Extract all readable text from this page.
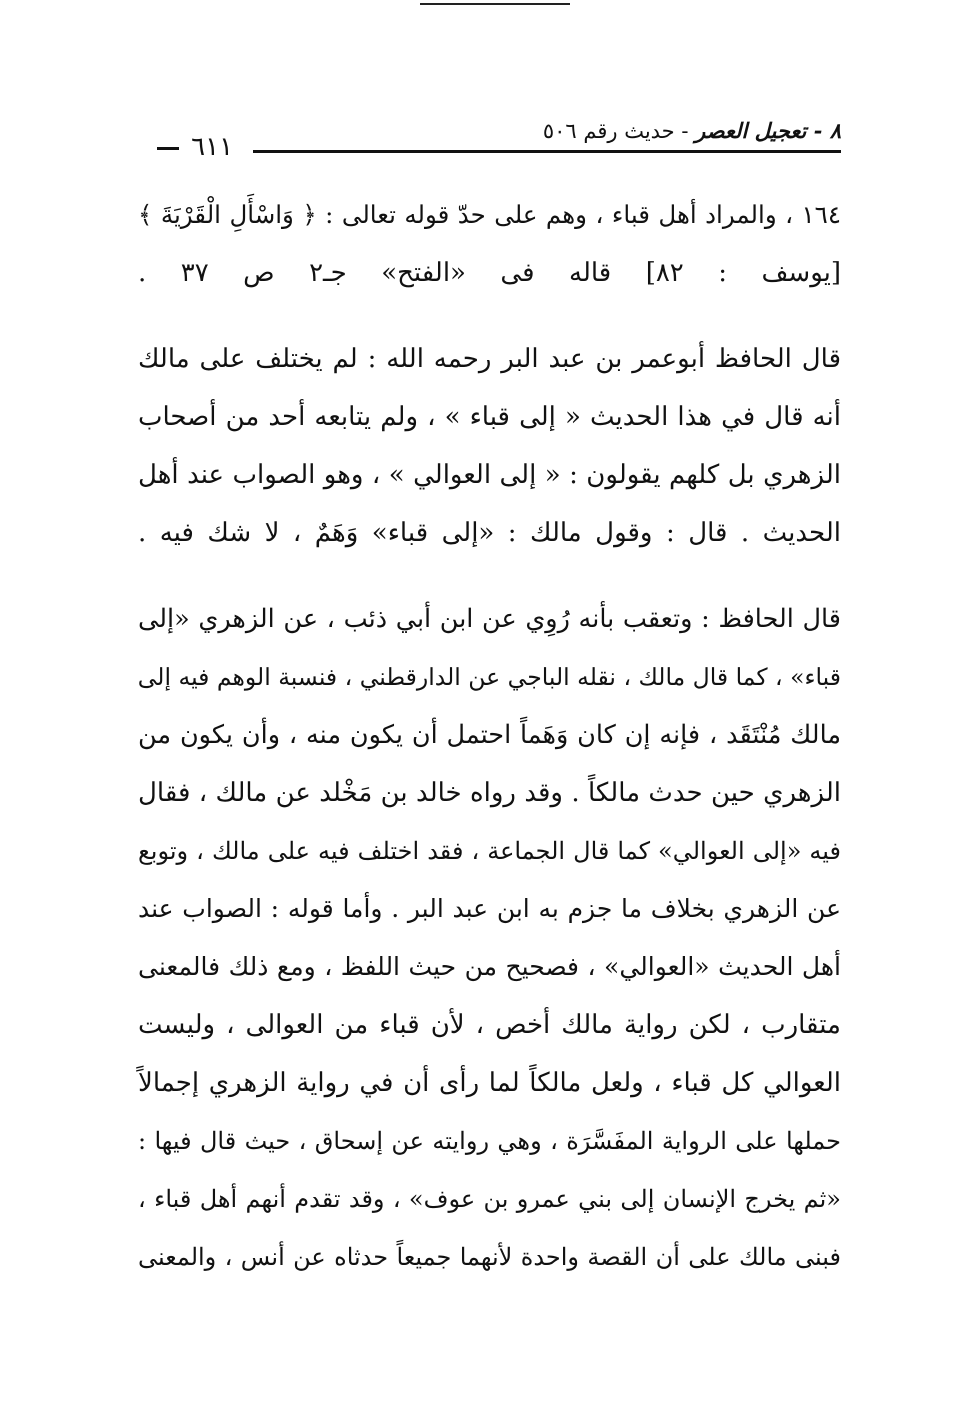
٨ - تعجيل العصر - حديث رقم ٥٠٦
٦١١
١٦٤ ، والمراد أهل قباء ، وهم على حدّ قوله تعالى : ﴿ وَاسْأَلِ الْقَرْيَةَ ﴾
[يوسف : ٨٢] قاله فى «الفتح» جـ٢ ص ٣٧ .
قال الحافظ أبوعمر بن عبد البر رحمه الله : لم يختلف على مالك
أنه قال في هذا الحديث « إلى قباء » ، ولم يتابعه أحد من أصحاب
الزهري بل كلهم يقولون : « إلى العوالي » ، وهو الصواب عند أهل
الحديث . قال : وقول مالك : «إلى قباء» وَهَمٌ ، لا شك فيه .
قال الحافظ : وتعقب بأنه رُوِي عن ابن أبي ذئب ، عن الزهري «إلى
قباء» ، كما قال مالك ، نقله الباجي عن الدارقطني ، فنسبة الوهم فيه إلى
مالك مُنْتَقَد ، فإنه إن كان وَهَماً احتمل أن يكون منه ، وأن يكون من
الزهري حين حدث مالكاً . وقد رواه خالد بن مَخْلد عن مالك ، فقال
فيه «إلى العوالي» كما قال الجماعة ، فقد اختلف فيه على مالك ، وتوبع
عن الزهري بخلاف ما جزم به ابن عبد البر . وأما قوله : الصواب عند
أهل الحديث «العوالي» ، فصحيح من حيث اللفظ ، ومع ذلك فالمعنى
متقارب ، لكن رواية مالك أخص ، لأن قباء من العوالى ، وليست
العوالي كل قباء ، ولعل مالكاً لما رأى أن في رواية الزهري إجمالاً
حملها على الرواية المفَسَّرَة ، وهي روايته عن إسحاق ، حيث قال فيها :
«ثم يخرج الإنسان إلى بني عمرو بن عوف» ، وقد تقدم أنهم أهل قباء ،
فبنى مالك على أن القصة واحدة لأنهما جميعاً حدثاه عن أنس ، والمعنى
